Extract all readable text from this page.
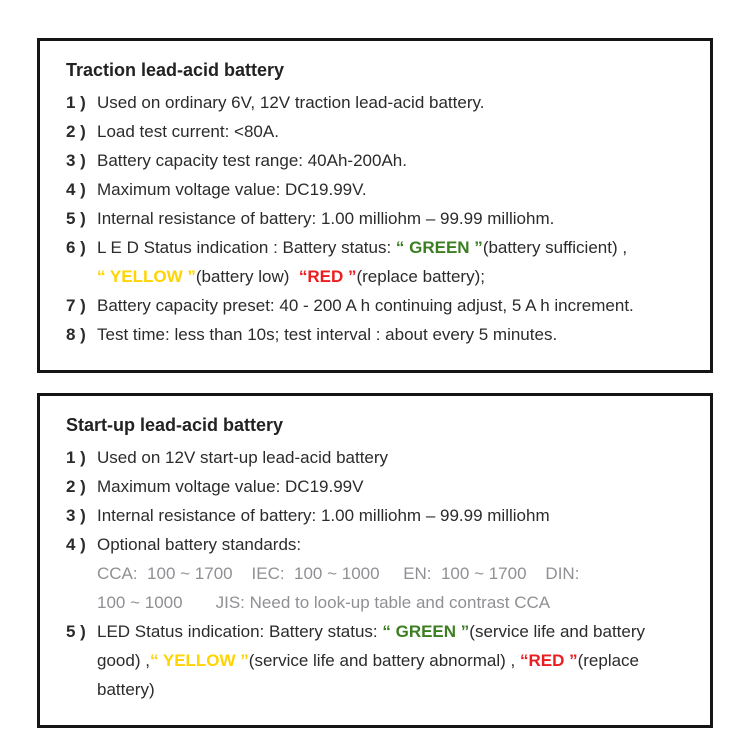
Traction lead-acid battery
1 ) Used on ordinary 6V, 12V traction lead-acid battery.
2 ) Load test current: <80A.
3 ) Battery capacity test range: 40Ah-200Ah.
4 ) Maximum voltage value: DC19.99V.
5 ) Internal resistance of battery: 1.00 milliohm – 99.99 milliohm.
6 ) L E D Status indication : Battery status: “ GREEN ”(battery sufficient) ,
“ YELLOW ”(battery low)  “RED ”(replace battery);
7 ) Battery capacity preset: 40 - 200 A h continuing adjust, 5 A h increment.
8 ) Test time: less than 10s; test interval : about every 5 minutes.
Start-up lead-acid battery
1 ) Used on 12V start-up lead-acid battery
2 ) Maximum voltage value: DC19.99V
3 ) Internal resistance of battery: 1.00 milliohm – 99.99 milliohm
4 ) Optional battery standards:
CCA:  100 ~ 1700    IEC:  100 ~ 1000     EN:  100 ~ 1700    DIN:
100 ~ 1000       JIS: Need to look-up table and contrast CCA
5 ) LED Status indication: Battery status: “ GREEN ”(service life and battery
good) ,“ YELLOW ”(service life and battery abnormal) , “RED ”(replace
battery)
